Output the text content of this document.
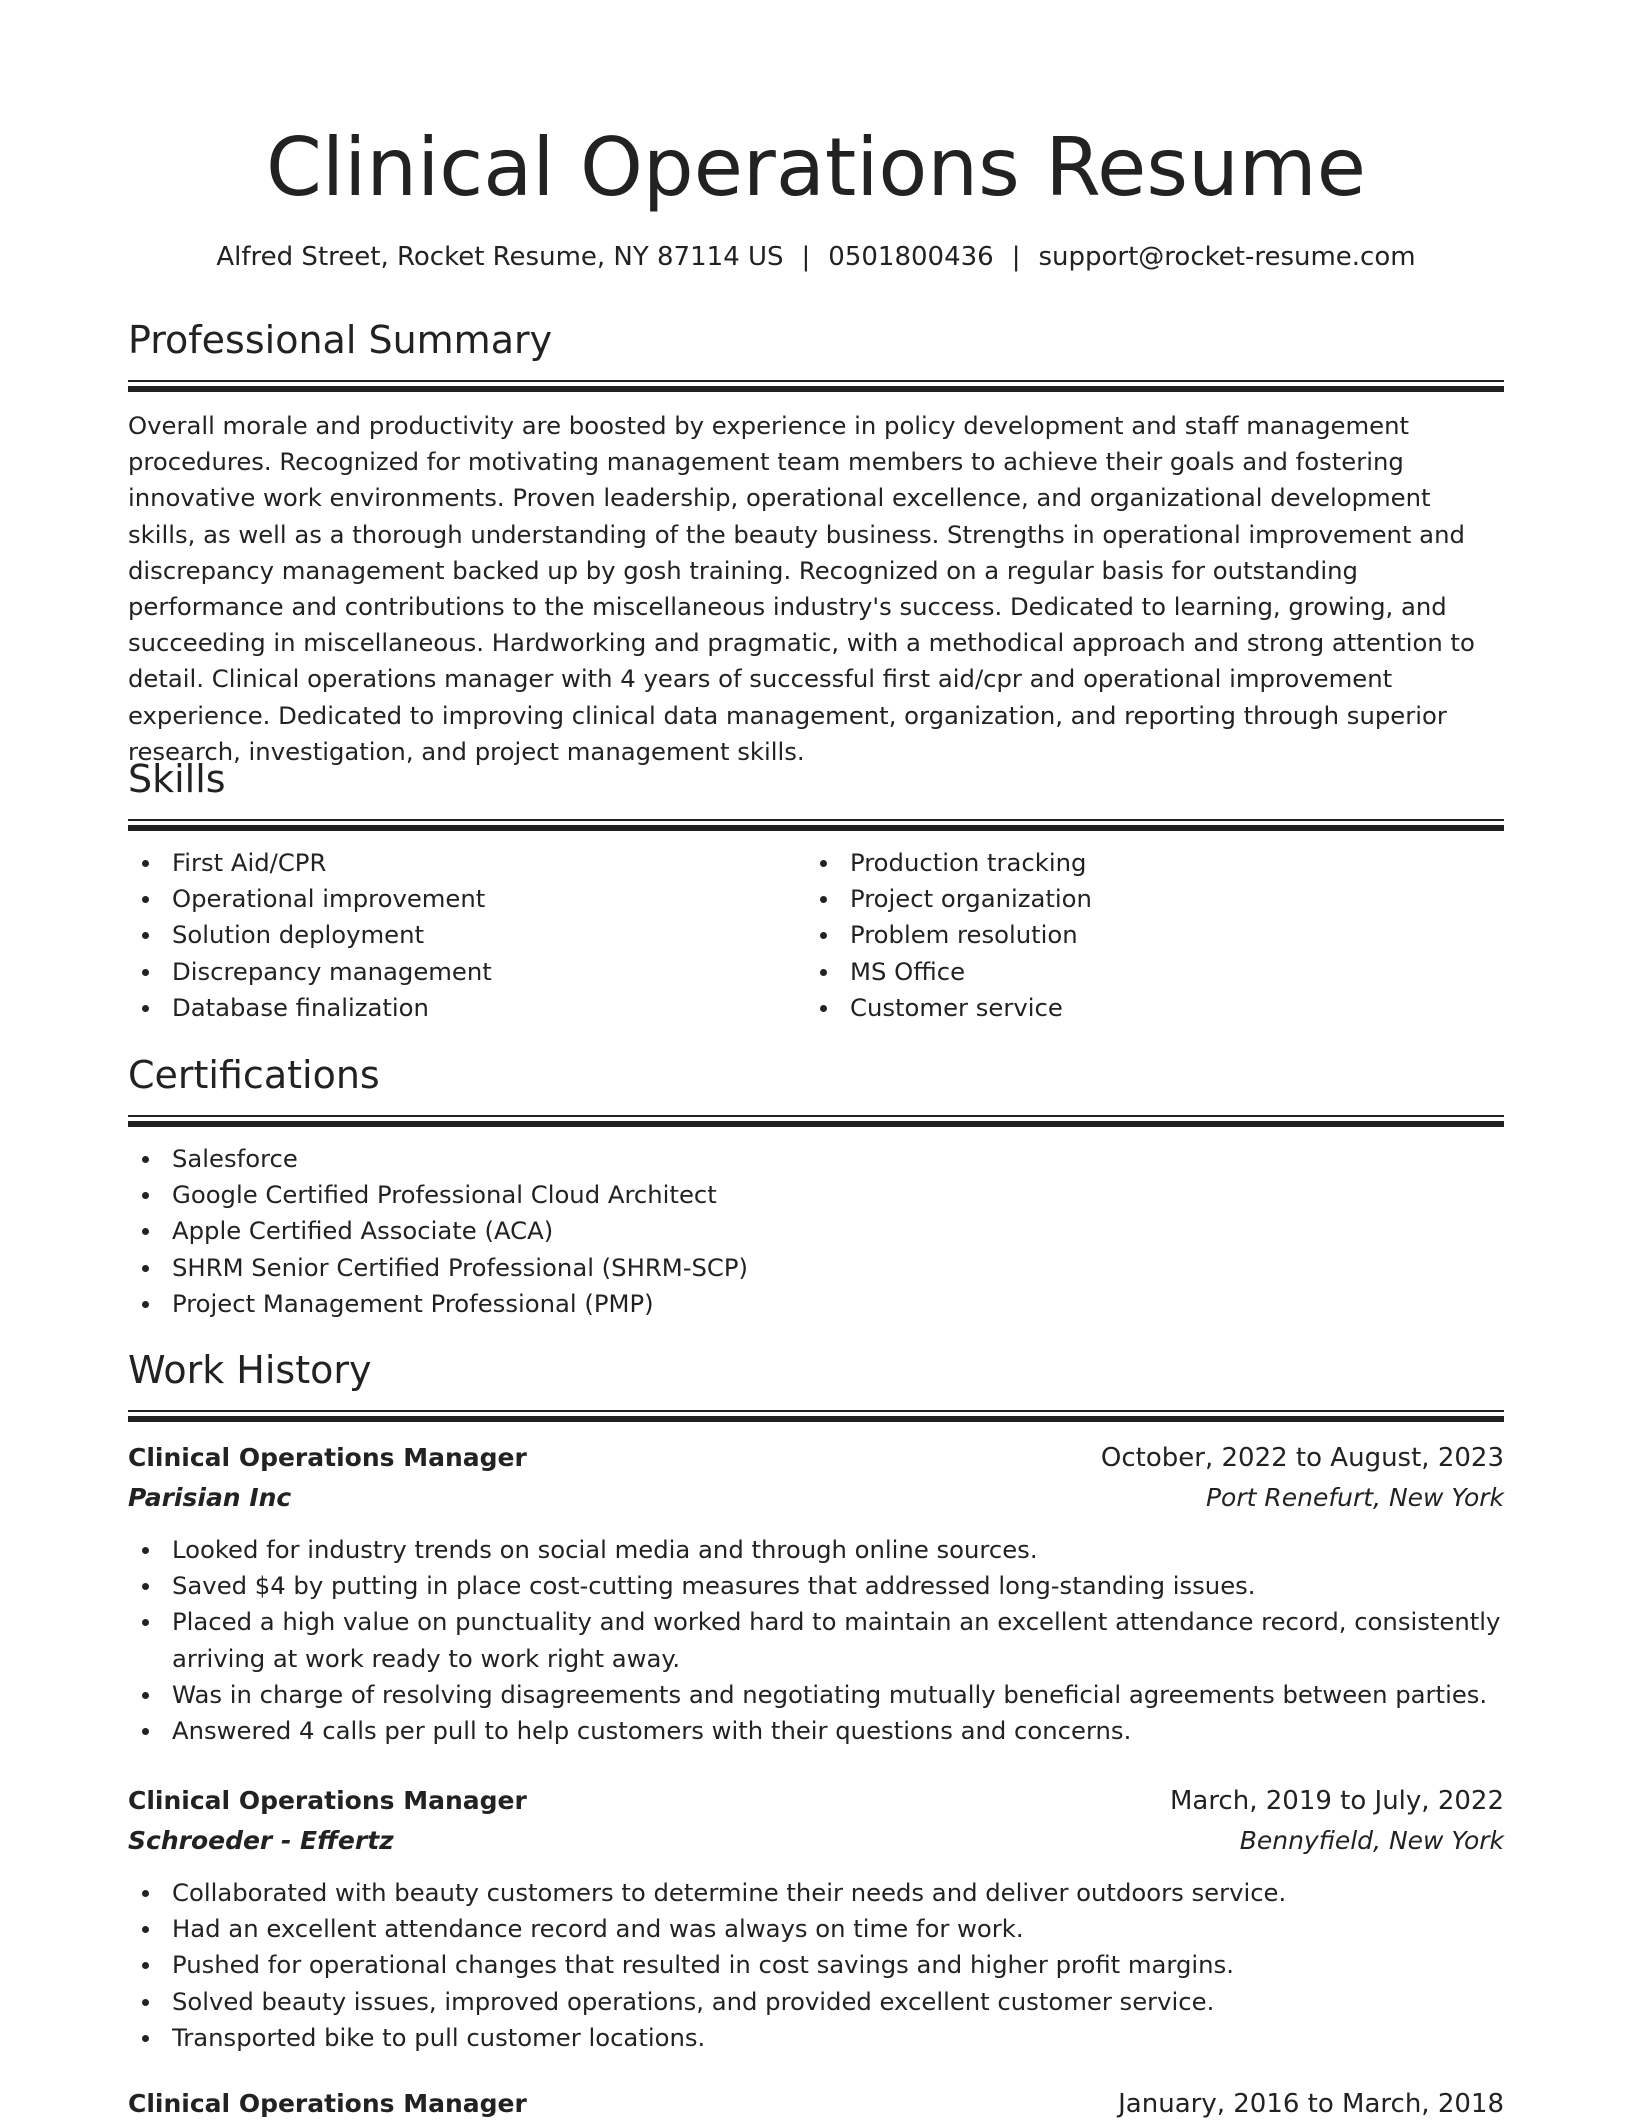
Clinical Operations Resume
Alfred Street, Rocket Resume, NY 87114 US | 0501800436 | support@rocket-resume.com
Professional Summary

Overall morale and productivity are boosted by experience in policy development and staff management procedures. Recognized for motivating management team members to achieve their goals and fostering innovative work environments. Proven leadership, operational excellence, and organizational development skills, as well as a thorough understanding of the beauty business. Strengths in operational improvement and discrepancy management backed up by gosh training. Recognized on a regular basis for outstanding performance and contributions to the miscellaneous industry's success. Dedicated to learning, growing, and succeeding in miscellaneous. Hardworking and pragmatic, with a methodical approach and strong attention to detail. Clinical operations manager with 4 years of successful first aid/cpr and operational improvement experience. Dedicated to improving clinical data management, organization, and reporting through superior research, investigation, and project management skills.

Skills
First Aid/CPR
Operational improvement
Solution deployment
Discrepancy management
Database finalization
Production tracking
Project organization
Problem resolution
MS Office
Customer service
Certifications
Salesforce
Google Certified Professional Cloud Architect
Apple Certified Associate (ACA)
SHRM Senior Certified Professional (SHRM-SCP)
Project Management Professional (PMP)
Work History
Clinical Operations Manager	October, 2022 to August, 2023
Parisian Inc	Port Renefurt, New York
Looked for industry trends on social media and through online sources.
Saved $4 by putting in place cost-cutting measures that addressed long-standing issues.
Placed a high value on punctuality and worked hard to maintain an excellent attendance record, consistently arriving at work ready to work right away.
Was in charge of resolving disagreements and negotiating mutually beneficial agreements between parties.
Answered 4 calls per pull to help customers with their questions and concerns.
Clinical Operations Manager	March, 2019 to July, 2022
Schroeder - Effertz	Bennyfield, New York
Collaborated with beauty customers to determine their needs and deliver outdoors service.
Had an excellent attendance record and was always on time for work.
Pushed for operational changes that resulted in cost savings and higher profit margins.
Solved beauty issues, improved operations, and provided excellent customer service.
Transported bike to pull customer locations.
Clinical Operations Manager	January, 2016 to March, 2018
